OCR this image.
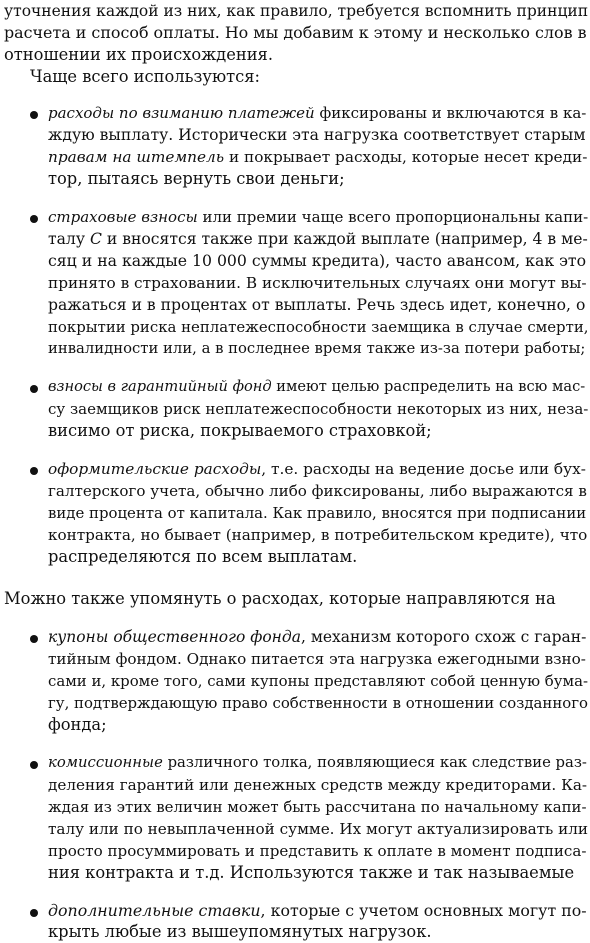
уточнения каждой из них, как правило, требуется вспомнить принцип
расчета и способ оплаты. Но мы добавим к этому и несколько слов в
отношении их происхождения.
Чаще всего используются:
расходы по взиманию платежей фиксированы и включаются в ка-
ждую выплату. Исторически эта нагрузка соответствует старым
правам на штемпель и покрывает расходы, которые несет креди-
тор, пытаясь вернуть свои деньги;
страховые взносы или премии чаще всего пропорциональны капи-
талу C и вносятся также при каждой выплате (например, 4 в ме-
сяц и на каждые 10 000 суммы кредита), часто авансом, как это
принято в страховании. В исключительных случаях они могут вы-
ражаться и в процентах от выплаты. Речь здесь идет, конечно, о
покрытии риска неплатежеспособности заемщика в случае смерти,
инвалидности или, а в последнее время также из-за потери работы;
взносы в гарантийный фонд имеют целью распределить на всю мас-
су заемщиков риск неплатежеспособности некоторых из них, неза-
висимо от риска, покрываемого страховкой;
оформительские расходы, т.е. расходы на ведение досье или бух-
галтерского учета, обычно либо фиксированы, либо выражаются в
виде процента от капитала. Как правило, вносятся при подписании
контракта, но бывает (например, в потребительском кредите), что
распределяются по всем выплатам.
Можно также упомянуть о расходах, которые направляются на
купоны общественного фонда, механизм которого схож с гаран-
тийным фондом. Однако питается эта нагрузка ежегодными взно-
сами и, кроме того, сами купоны представляют собой ценную бума-
гу, подтверждающую право собственности в отношении созданного
фонда;
комиссионные различного толка, появляющиеся как следствие раз-
деления гарантий или денежных средств между кредиторами. Ка-
ждая из этих величин может быть рассчитана по начальному капи-
талу или по невыплаченной сумме. Их могут актуализировать или
просто просуммировать и представить к оплате в момент подписа-
ния контракта и т.д. Используются также и так называемые
дополнительные ставки, которые с учетом основных могут по-
крыть любые из вышеупомянутых нагрузок.
